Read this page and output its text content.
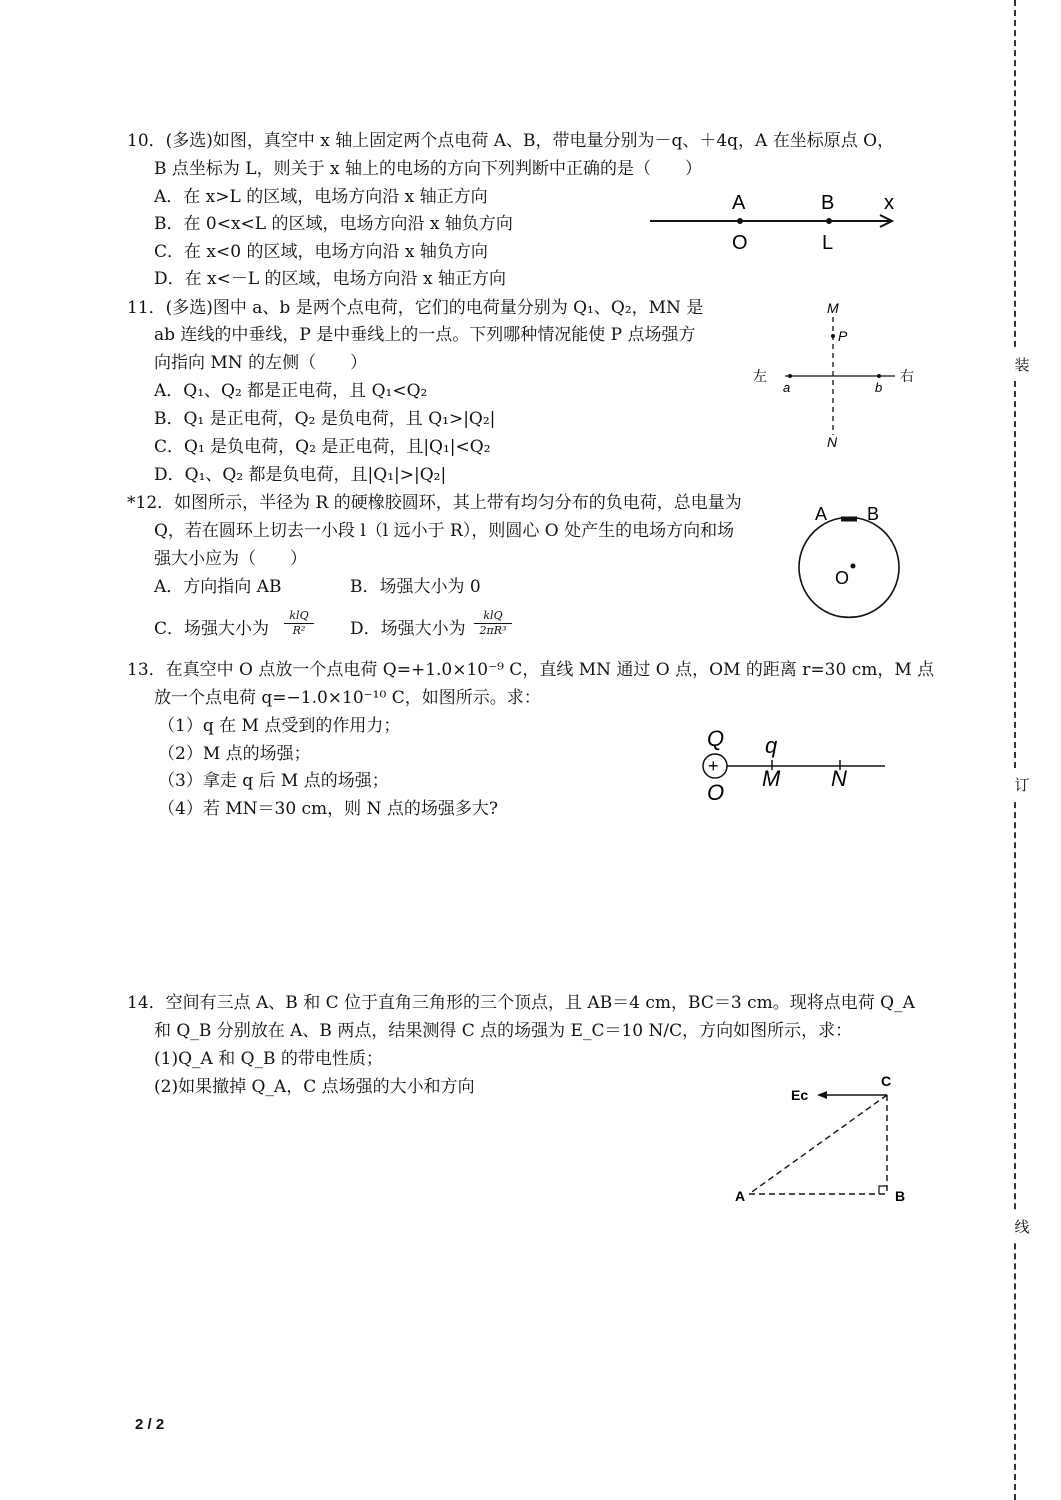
装
订
线
10．(多选)如图，真空中 x 轴上固定两个点电荷 A、B，带电量分别为－q、＋4q，A 在坐标原点 O，
B 点坐标为 L，则关于 x 轴上的电场的方向下列判断中正确的是（　　）
A．在 x>L 的区域，电场方向沿 x 轴正方向
B．在 0<x<L 的区域，电场方向沿 x 轴负方向
C．在 x<0 的区域，电场方向沿 x 轴负方向
D．在 x<－L 的区域，电场方向沿 x 轴正方向
A	B x
O	L
11．(多选)图中 a、b 是两个点电荷，它们的电荷量分别为 Q₁、Q₂，MN 是
ab 连线的中垂线，P 是中垂线上的一点。下列哪种情况能使 P 点场强方
向指向 MN 的左侧（　　）
A．Q₁、Q₂ 都是正电荷，且 Q₁<Q₂
B．Q₁ 是正电荷，Q₂ 是负电荷，且 Q₁>|Q₂|
C．Q₁ 是负电荷，Q₂ 是正电荷，且|Q₁|<Q₂
D．Q₁、Q₂ 都是负电荷，且|Q₁|>|Q₂|
M
P
左
a	b
右
N
*12．如图所示，半径为 R 的硬橡胶圆环，其上带有均匀分布的负电荷，总电量为
Q，若在圆环上切去一小段 l（l 远小于 R），则圆心 O 处产生的电场方向和场
强大小应为（　　）
A．方向指向 AB	B．场强大小为 0
C．场强大小为
klQ
R²	D．场强大小为
klQ
2πR³
A B
O
13．在真空中 O 点放一个点电荷 Q=+1.0×10⁻⁹ C，直线 MN 通过 O 点，OM 的距离 r=30 cm，M 点
放一个点电荷 q=−1.0×10⁻¹⁰ C，如图所示。求：
（1）q 在 M 点受到的作用力；
（2）M 点的场强；
（3）拿走 q 后 M 点的场强；
（4）若 MN＝30 cm，则 N 点的场强多大?
+
Q q
O
M N
14．空间有三点 A、B 和 C 位于直角三角形的三个顶点，且 AB＝4 cm，BC＝3 cm。现将点电荷 Q_A
和 Q_B 分别放在 A、B 两点，结果测得 C 点的场强为 E_C＝10 N/C，方向如图所示，求：
(1)Q_A 和 Q_B 的带电性质；
(2)如果撤掉 Q_A，C 点场强的大小和方向	C
Ec
A	B
2 / 2
